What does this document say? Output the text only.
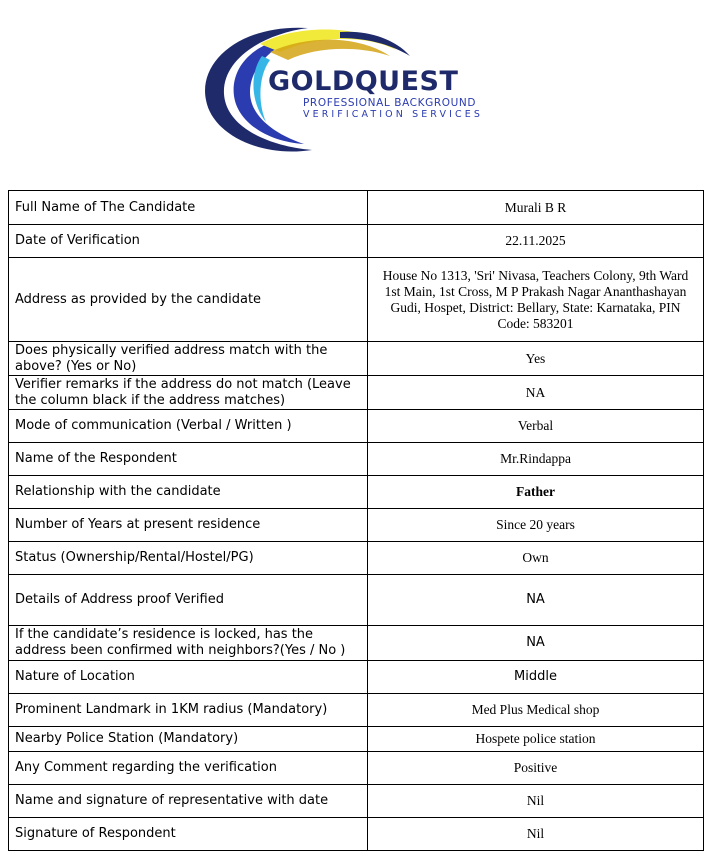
GOLDQUEST
PROFESSIONAL BACKGROUND
VERIFICATION SERVICES
Full Name of The Candidate	Murali B R
Date of Verification	22.11.2025
Address as provided by the candidate	House No 1313, 'Sri' Nivasa, Teachers Colony, 9th Ward 1st Main, 1st Cross, M P Prakash Nagar Ananthashayan Gudi, Hospet, District: Bellary, State: Karnataka, PIN Code: 583201
Does physically verified address match with the above? (Yes or No)	Yes
Verifier remarks if the address do not match (Leave the column black if the address matches)	NA
Mode of communication (Verbal / Written )	Verbal
Name of the Respondent	Mr.Rindappa
Relationship with the candidate	Father
Number of Years at present residence	Since 20 years
Status (Ownership/Rental/Hostel/PG)	Own
Details of Address proof Verified	NA
If the candidate’s residence is locked, has the address been confirmed with neighbors?(Yes / No )	NA
Nature of Location	Middle
Prominent Landmark in 1KM radius (Mandatory)	Med Plus Medical shop
Nearby Police Station (Mandatory)	Hospete police station
Any Comment regarding the verification	Positive
Name and signature of representative with date	Nil
Signature of Respondent	Nil
